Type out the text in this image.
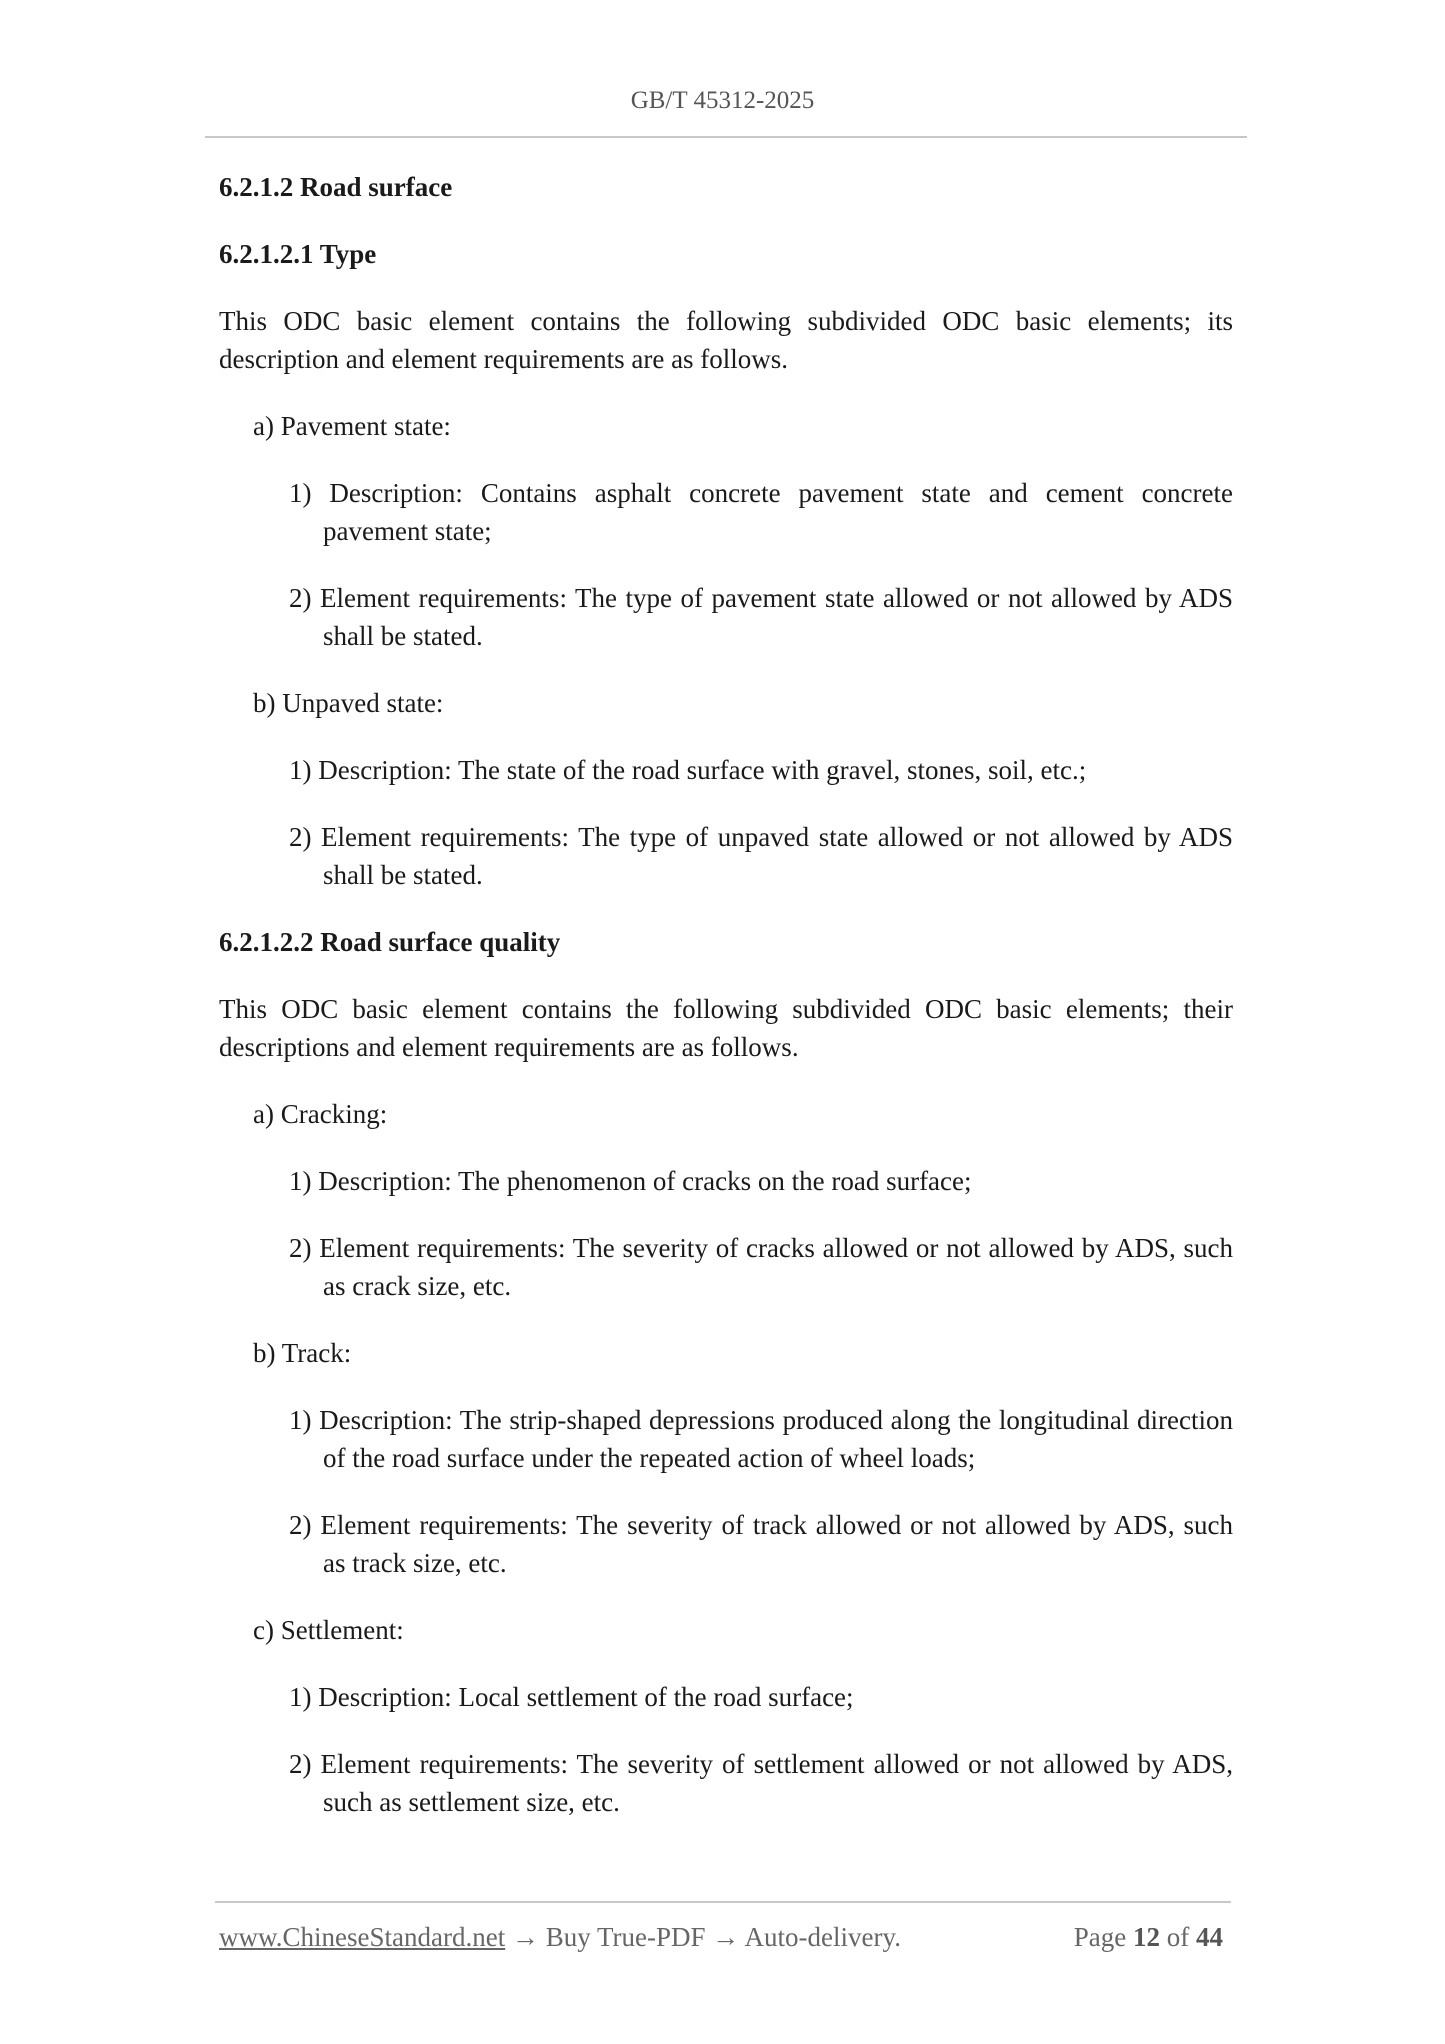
GB/T 45312-2025
6.2.1.2 Road surface
6.2.1.2.1 Type

This ODC basic element contains the following subdivided ODC basic elements; its description and element requirements are as follows.

a) Pavement state:

1) Description: Contains asphalt concrete pavement state and cement concrete pavement state;

2) Element requirements: The type of pavement state allowed or not allowed by ADS shall be stated.

b) Unpaved state:

1) Description: The state of the road surface with gravel, stones, soil, etc.;

2) Element requirements: The type of unpaved state allowed or not allowed by ADS shall be stated.

6.2.1.2.2 Road surface quality

This ODC basic element contains the following subdivided ODC basic elements; their descriptions and element requirements are as follows.

a) Cracking:

1) Description: The phenomenon of cracks on the road surface;

2) Element requirements: The severity of cracks allowed or not allowed by ADS, such as crack size, etc.

b) Track:

1) Description: The strip-shaped depressions produced along the longitudinal direction of the road surface under the repeated action of wheel loads;

2) Element requirements: The severity of track allowed or not allowed by ADS, such as track size, etc.

c) Settlement:

1) Description: Local settlement of the road surface;

2) Element requirements: The severity of settlement allowed or not allowed by ADS, such as settlement size, etc.

www.ChineseStandard.net → Buy True-PDF → Auto-delivery.	Page 12 of 44
